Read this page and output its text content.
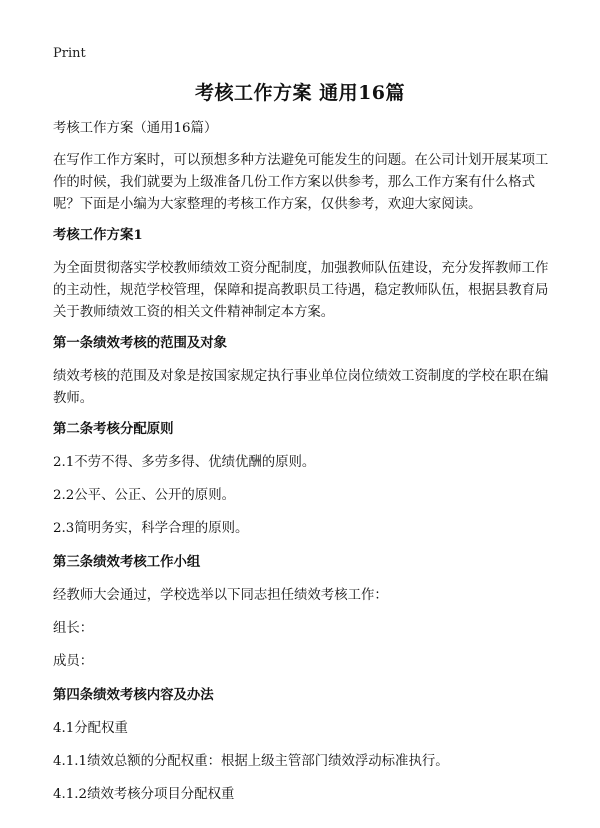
Print
考核工作方案 通用16篇

考核工作方案（通用16篇）

在写作工作方案时，可以预想多种方法避免可能发生的问题。在公司计划开展某项工作的时候，我们就要为上级准备几份工作方案以供参考，那么工作方案有什么格式呢？下面是小编为大家整理的考核工作方案，仅供参考，欢迎大家阅读。

考核工作方案1

为全面贯彻落实学校教师绩效工资分配制度，加强教师队伍建设，充分发挥教师工作的主动性，规范学校管理，保障和提高教职员工待遇，稳定教师队伍，根据县教育局关于教师绩效工资的相关文件精神制定本方案。

第一条绩效考核的范围及对象

绩效考核的范围及对象是按国家规定执行事业单位岗位绩效工资制度的学校在职在编教师。

第二条考核分配原则

2.1不劳不得、多劳多得、优绩优酬的原则。

2.2公平、公正、公开的原则。

2.3简明务实，科学合理的原则。

第三条绩效考核工作小组

经教师大会通过，学校选举以下同志担任绩效考核工作：

组长：

成员：

第四条绩效考核内容及办法

4.1分配权重

4.1.1绩效总额的分配权重：根据上级主管部门绩效浮动标准执行。

4.1.2绩效考核分项目分配权重
